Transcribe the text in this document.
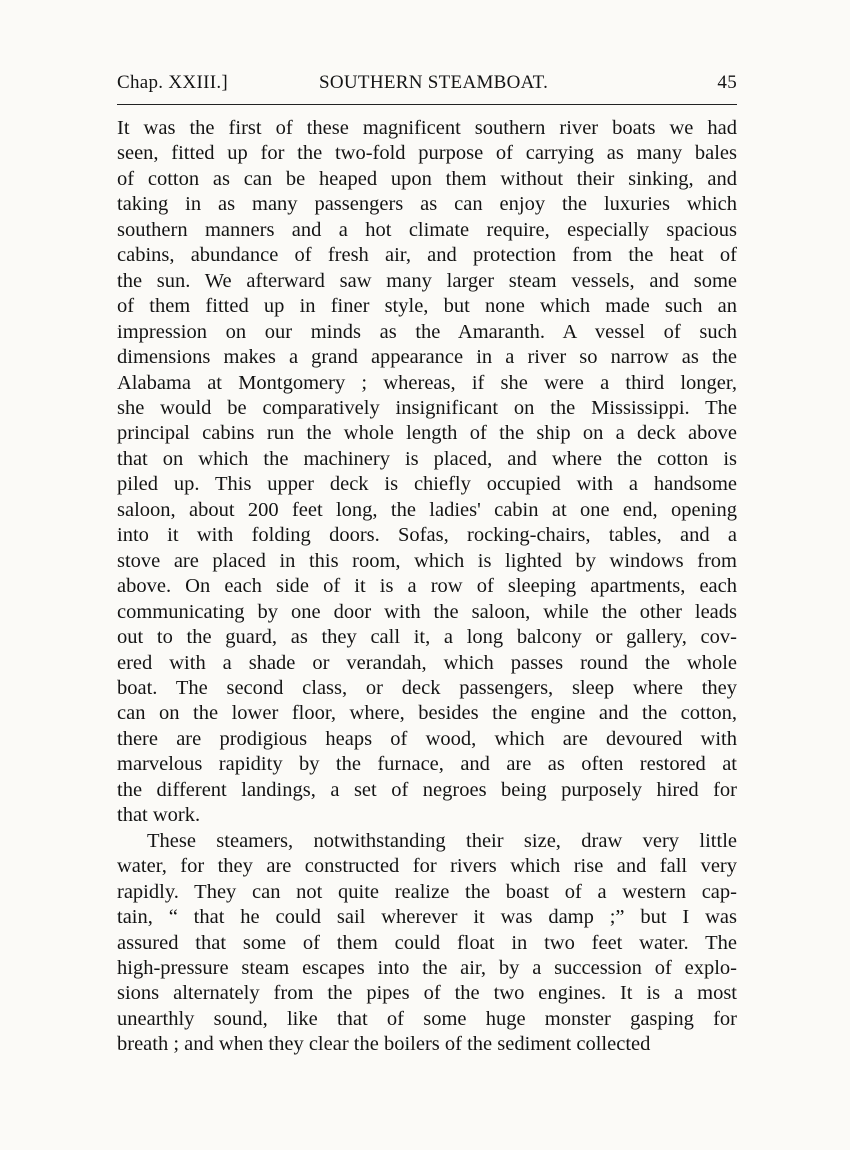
Chap. XXIII.]	SOUTHERN STEAMBOAT.	45

It was the first of these magnificent southern river boats we had
seen, fitted up for the two-fold purpose of carrying as many bales
of cotton as can be heaped upon them without their sinking, and
taking in as many passengers as can enjoy the luxuries which
southern manners and a hot climate require, especially spacious
cabins, abundance of fresh air, and protection from the heat of
the sun. We afterward saw many larger steam vessels, and some
of them fitted up in finer style, but none which made such an
impression on our minds as the Amaranth. A vessel of such
dimensions makes a grand appearance in a river so narrow as the
Alabama at Montgomery ; whereas, if she were a third longer,
she would be comparatively insignificant on the Mississippi. The
principal cabins run the whole length of the ship on a deck above
that on which the machinery is placed, and where the cotton is
piled up. This upper deck is chiefly occupied with a handsome
saloon, about 200 feet long, the ladies' cabin at one end, opening
into it with folding doors. Sofas, rocking-chairs, tables, and a
stove are placed in this room, which is lighted by windows from
above. On each side of it is a row of sleeping apartments, each
communicating by one door with the saloon, while the other leads
out to the guard, as they call it, a long balcony or gallery, cov-
ered with a shade or verandah, which passes round the whole
boat. The second class, or deck passengers, sleep where they
can on the lower floor, where, besides the engine and the cotton,
there are prodigious heaps of wood, which are devoured with
marvelous rapidity by the furnace, and are as often restored at
the different landings, a set of negroes being purposely hired for
that work.

These steamers, notwithstanding their size, draw very little
water, for they are constructed for rivers which rise and fall very
rapidly. They can not quite realize the boast of a western cap-
tain, “ that he could sail wherever it was damp ;” but I was
assured that some of them could float in two feet water. The
high-pressure steam escapes into the air, by a succession of explo-
sions alternately from the pipes of the two engines. It is a most
unearthly sound, like that of some huge monster gasping for
breath ; and when they clear the boilers of the sediment collected
